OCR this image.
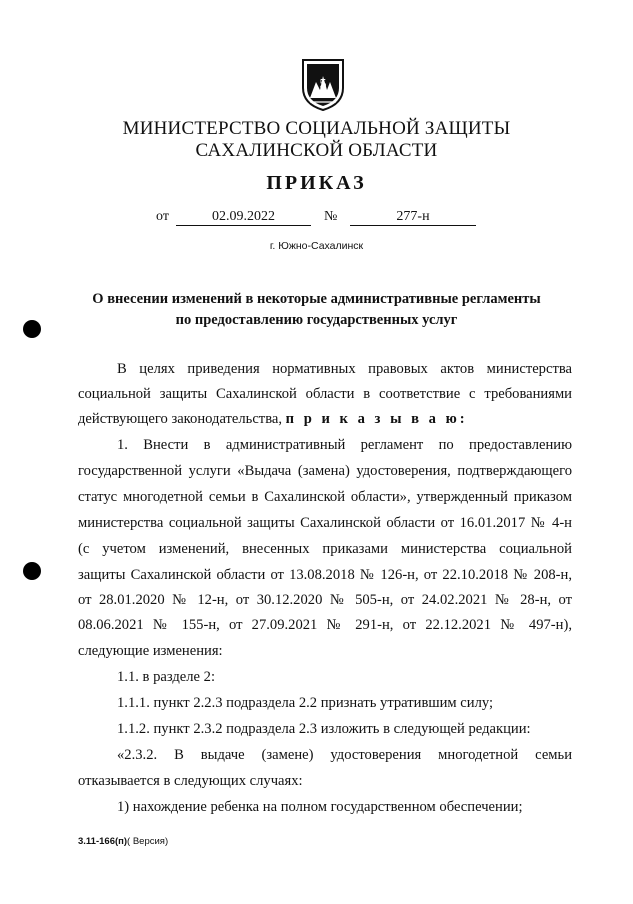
5
МИНИСТЕРСТВО СОЦИАЛЬНОЙ ЗАЩИТЫ
САХАЛИНСКОЙ ОБЛАСТИ
ПРИКАЗ
от	02.09.2022	№	277-н
г. Южно-Сахалинск
О внесении изменений в некоторые административные регламенты
по предоставлению государственных услуг
В целях приведения нормативных правовых актов министерства
социальной защиты Сахалинской области в соответствие с требованиями
действующего законодательства, п р и к а з ы в а ю:
1. Внести в административный регламент по предоставлению
государственной услуги «Выдача (замена) удостоверения, подтверждающего
статус многодетной семьи в Сахалинской области», утвержденный приказом
министерства социальной защиты Сахалинской области от 16.01.2017 № 4-н
(с учетом изменений, внесенных приказами министерства социальной
защиты Сахалинской области от 13.08.2018 № 126-н, от 22.10.2018 № 208-н,
от 28.01.2020 № 12-н, от 30.12.2020 № 505-н, от 24.02.2021 № 28-н, от
08.06.2021 № 155-н, от 27.09.2021 № 291-н, от 22.12.2021 № 497-н),
следующие изменения:
1.1. в разделе 2:
1.1.1. пункт 2.2.3 подраздела 2.2 признать утратившим силу;
1.1.2. пункт 2.3.2 подраздела 2.3 изложить в следующей редакции:
«2.3.2. В выдаче (замене) удостоверения многодетной семьи
отказывается в следующих случаях:
1) нахождение ребенка на полном государственном обеспечении;
3.11-166(п)( Версия)
